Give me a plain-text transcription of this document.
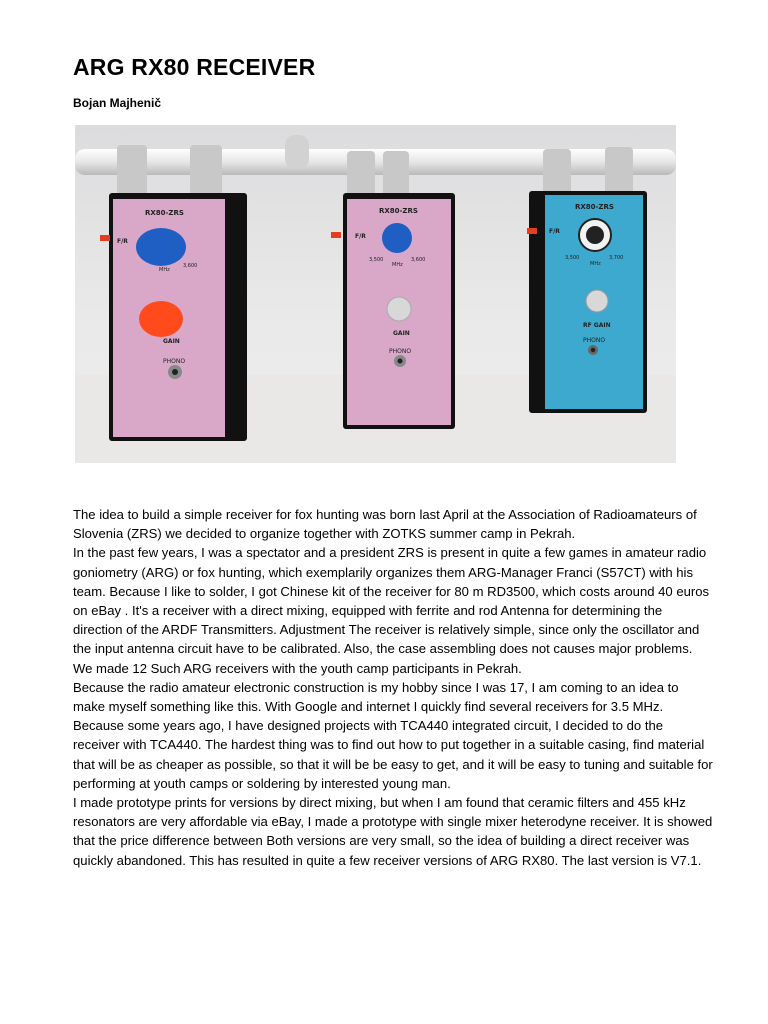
ARG RX80 RECEIVER
Bojan Majhenič
RX80-ZRS
F/R
3,600
MHz
GAIN
PHONO
RX80-ZRS
F/R
3,500	3,600
MHz
GAIN
PHONO
RX80-ZRS
F/R
3,500	3,700
MHz
RF GAIN
PHONO

The idea to build a simple receiver for fox hunting was born last April at the Association of Radioamateurs of Slovenia (ZRS) we decided to organize together with ZOTKS summer camp in Pekrah.

In the past few years, I was a spectator and a president ZRS is present in quite a few games in amateur radio goniometry (ARG) or fox hunting, which exemplarily organizes them ARG-Manager Franci (S57CT) with his team. Because I like to solder, I got Chinese kit of the receiver for 80 m RD3500, which costs around 40 euros on eBay . It's a receiver with a direct mixing, equipped with ferrite and rod Antenna for determining the direction of the ARDF Transmitters. Adjustment The receiver is relatively simple, since only the oscillator and the input antenna circuit have to be calibrated. Also, the case assembling does not causes major problems. We made 12 Such ARG receivers with the youth camp participants in Pekrah.

Because the radio amateur electronic construction is my hobby since I was 17, I am coming to an idea to make myself something like this. With Google and internet I quickly find several receivers for 3.5 MHz. Because some years ago, I have designed projects with TCA440 integrated circuit, I decided to do the receiver with TCA440. The hardest thing was to find out how to put together in a suitable casing, find material that will be as cheaper as possible, so that it will be be easy to get, and it will be easy to tuning and suitable for performing at youth camps or soldering by interested young man.

I made prototype prints for versions by direct mixing, but when I am found that ceramic filters and 455 kHz resonators are very affordable via eBay, I made a prototype with single mixer heterodyne receiver. It is showed that the price difference between Both versions are very small, so the idea of building a direct receiver was quickly abandoned. This has resulted in quite a few receiver versions of ARG RX80. The last version is V7.1.
